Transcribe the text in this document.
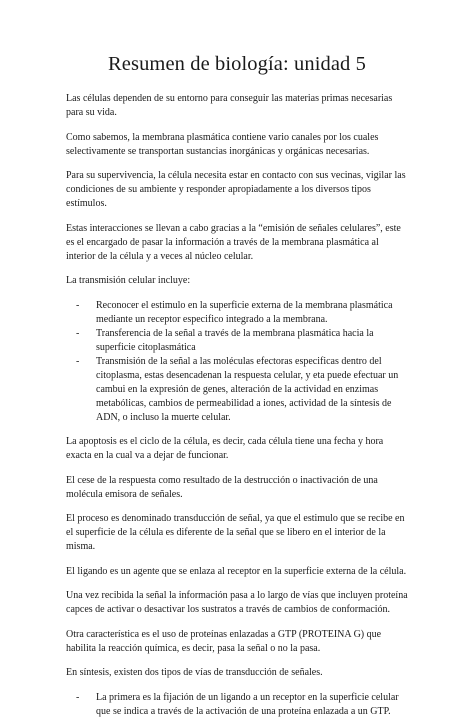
Resumen de biología: unidad 5

Las células dependen de su entorno para conseguir las materias primas necesarias para su vida.

Como sabemos, la membrana plasmática contiene vario canales por los cuales selectivamente se transportan sustancias inorgánicas y orgánicas necesarias.

Para su supervivencia, la célula necesita estar en contacto con sus vecinas, vigilar las condiciones de su ambiente y responder apropiadamente a los diversos tipos estímulos.

Estas interacciones se llevan a cabo gracias a la “emisión de señales celulares”, este es el encargado de pasar la información a través de la membrana plasmática al interior de la célula y a veces al núcleo celular.

La transmisión celular incluye:

- Reconocer el estimulo en la superficie externa de la membrana plasmática mediante un receptor especifico integrado a la membrana.
- Transferencia de la señal a través de la membrana plasmática hacia la superficie citoplasmática
- Transmisión de la señal a las moléculas efectoras especificas dentro del citoplasma, estas desencadenan la respuesta celular, y eta puede efectuar un cambui en la expresión de genes, alteración de la actividad en enzimas metabólicas, cambios de permeabilidad a iones, actividad de la síntesis de ADN, o incluso la muerte celular.

La apoptosis es el ciclo de la célula, es decir, cada célula tiene una fecha y hora exacta en la cual va a dejar de funcionar.

El cese de la respuesta como resultado de la destrucción o inactivación de una molécula emisora de señales.

El proceso es denominado transducción de señal, ya que el estimulo que se recibe en el superficie de la célula es diferente de la señal que se libero en el interior de la misma.

El ligando es un agente que se enlaza al receptor en la superficie externa de la célula.

Una vez recibida la señal la información pasa a lo largo de vías que incluyen proteína capces de activar o desactivar los sustratos a través de cambios de conformación.

Otra característica es el uso de proteínas enlazadas a GTP (PROTEINA G) que habilita la reacción química, es decir, pasa la señal o no la pasa.

En síntesis, existen dos tipos de vías de transducción de señales.

- La primera es la fijación de un ligando a un receptor en la superficie celular que se indica a través de la activación de una proteína enlazada a un GTP.
